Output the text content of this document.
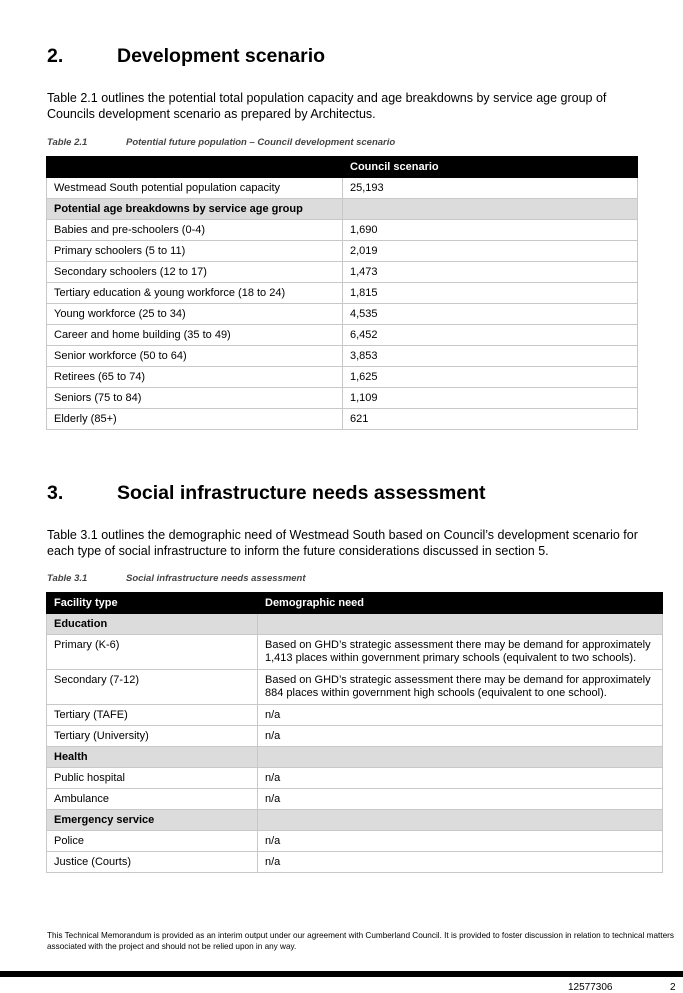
2.	Development scenario

Table 2.1 outlines the potential total population capacity and age breakdowns by service age group of Councils development scenario as prepared by Architectus.

Table 2.1	Potential future population – Council development scenario
	Council scenario
Westmead South potential population capacity	25,193
Potential age breakdowns by service age group	
Babies and pre-schoolers (0-4)	1,690
Primary schoolers (5 to 11)	2,019
Secondary schoolers (12 to 17)	1,473
Tertiary education & young workforce (18 to 24)	1,815
Young workforce (25 to 34)	4,535
Career and home building (35 to 49)	6,452
Senior workforce (50 to 64)	3,853
Retirees (65 to 74)	1,625
Seniors (75 to 84)	1,109
Elderly (85+)	621
3.	Social infrastructure needs assessment

Table 3.1 outlines the demographic need of Westmead South based on Council’s development scenario for each type of social infrastructure to inform the future considerations discussed in section 5.

Table 3.1	Social infrastructure needs assessment
Facility type	Demographic need
Education	
Primary (K-6)	Based on GHD’s strategic assessment there may be demand for approximately 1,413 places within government primary schools (equivalent to two schools).
Secondary (7-12)	Based on GHD’s strategic assessment there may be demand for approximately 884 places within government high schools (equivalent to one school).
Tertiary (TAFE)	n/a
Tertiary (University)	n/a
Health	
Public hospital	n/a
Ambulance	n/a
Emergency service	
Police	n/a
Justice (Courts)	n/a

This Technical Memorandum is provided as an interim output under our agreement with Cumberland Council. It is provided to foster discussion in relation to technical matters associated with the project and should not be relied upon in any way.

12577306	2
